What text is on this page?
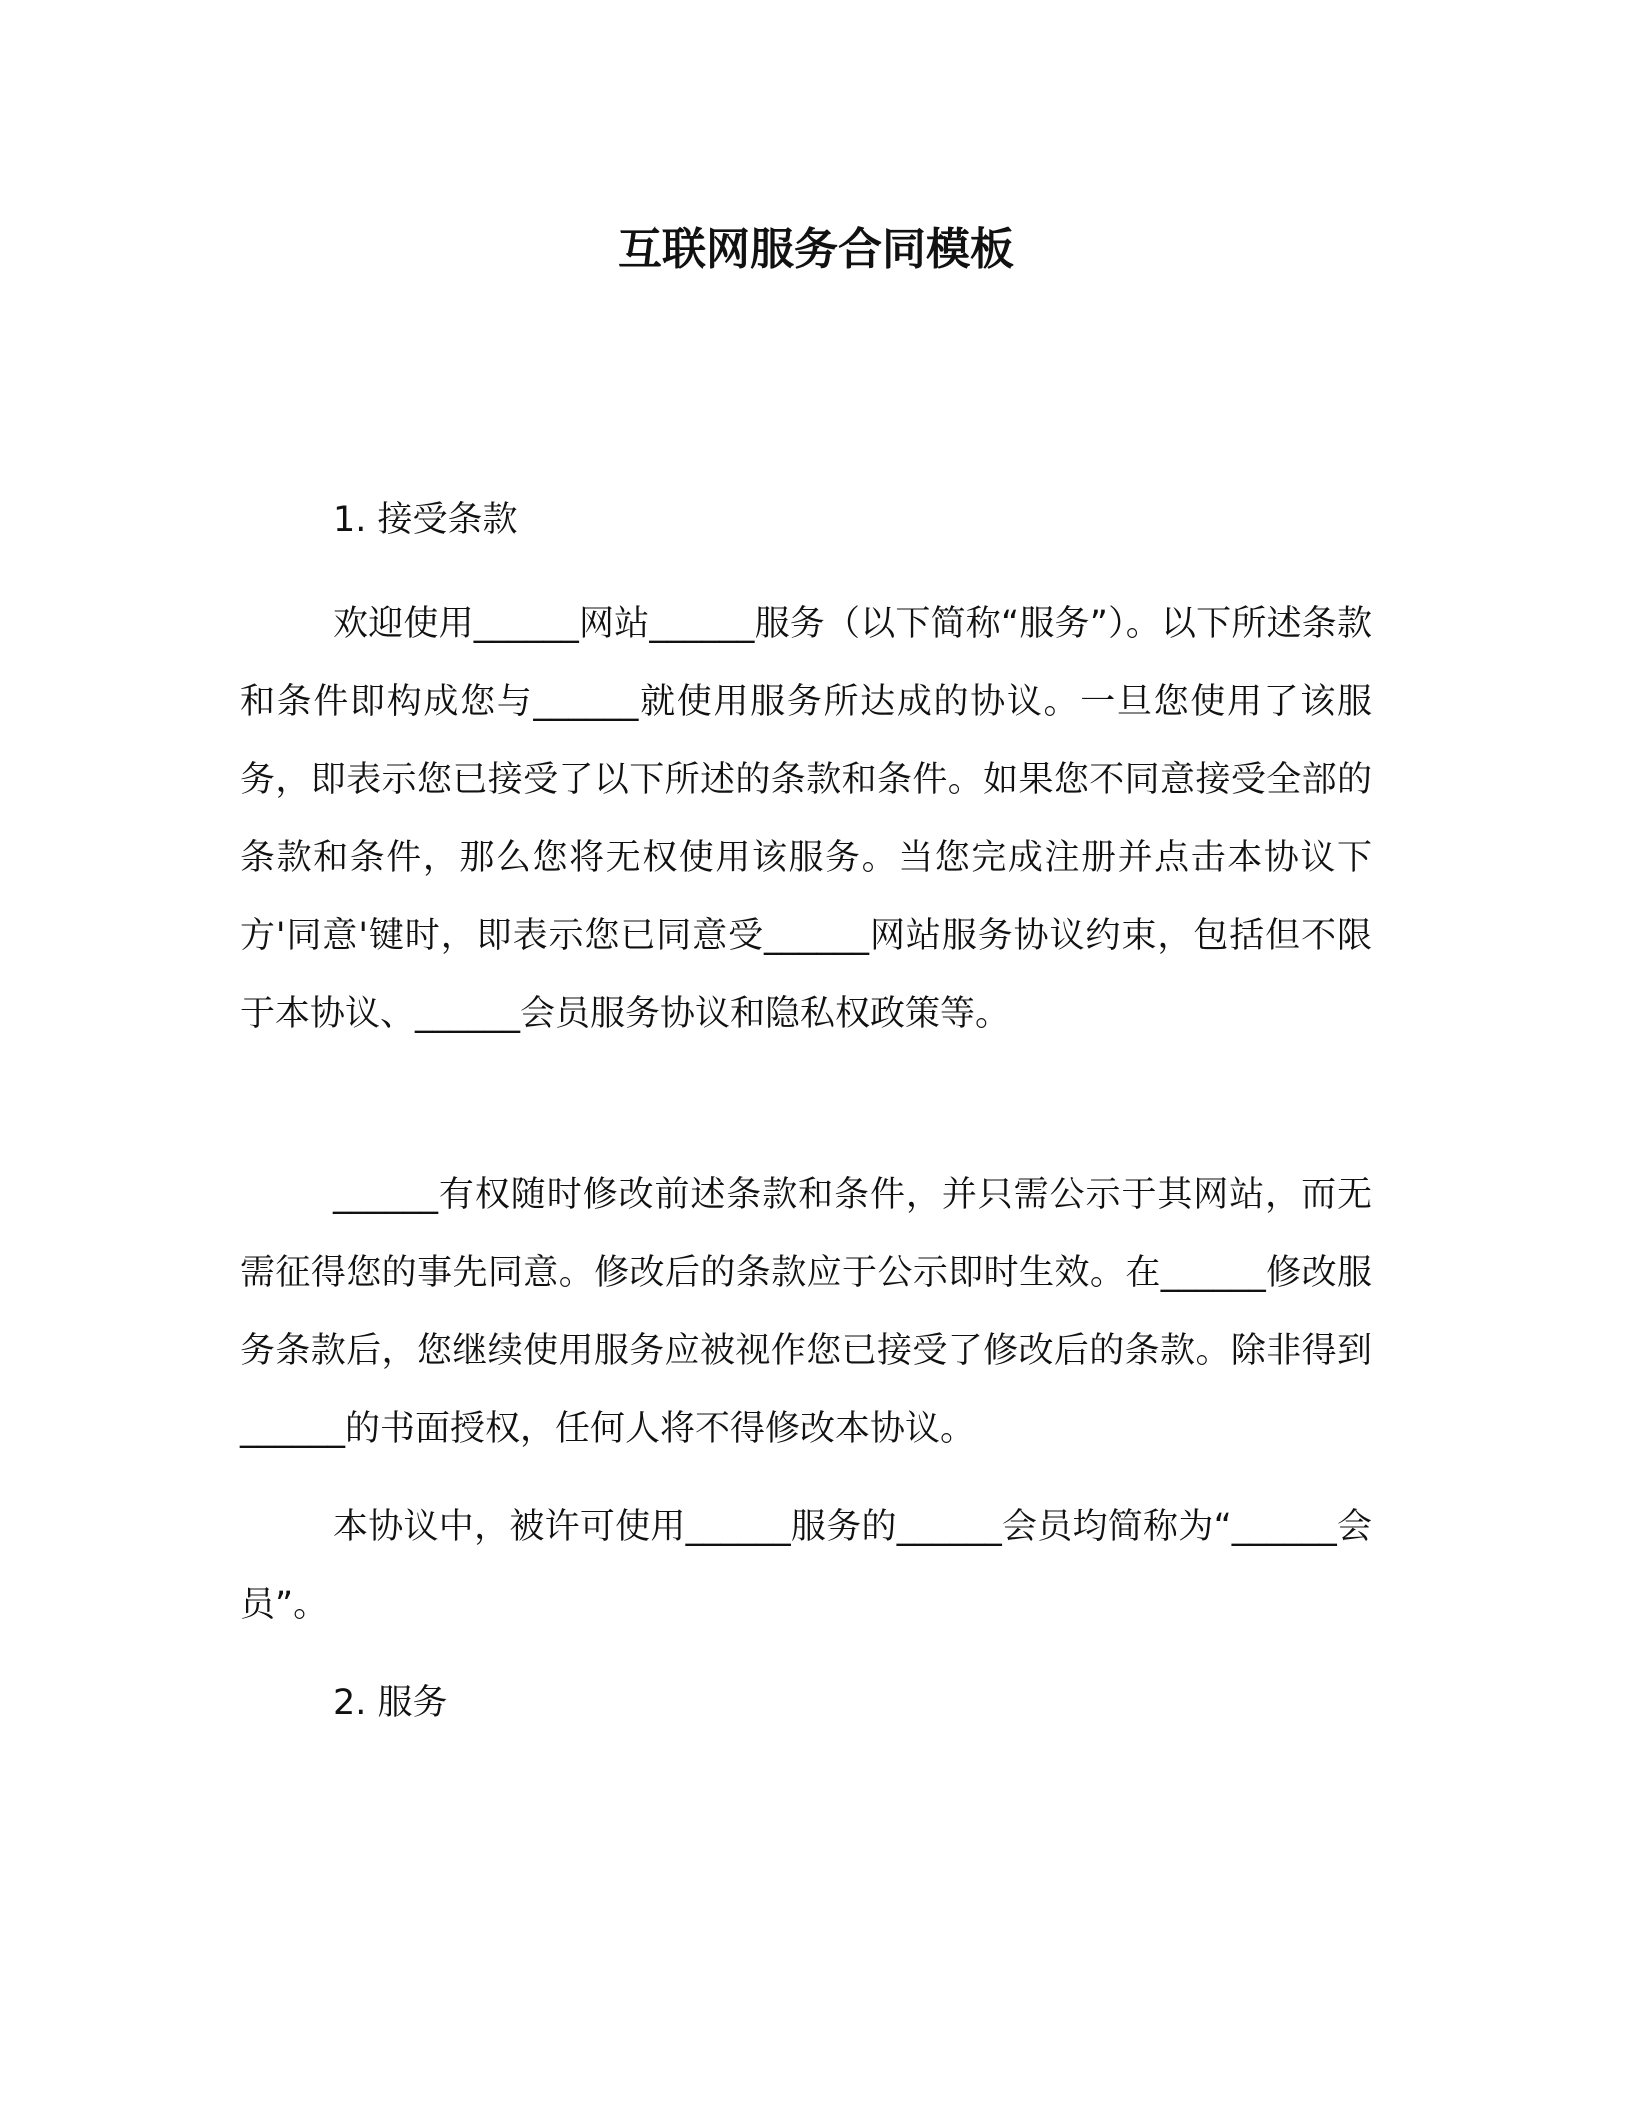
互联网服务合同模板
1. 接受条款

欢迎使用______网站______服务（以下简称“服务”）。以下所述条款和条件即构成您与______就使用服务所达成的协议。一旦您使用了该服务，即表示您已接受了以下所述的条款和条件。如果您不同意接受全部的条款和条件，那么您将无权使用该服务。当您完成注册并点击本协议下方'同意'键时，即表示您已同意受______网站服务协议约束，包括但不限于本协议、______会员服务协议和隐私权政策等。

______有权随时修改前述条款和条件，并只需公示于其网站，而无需征得您的事先同意。修改后的条款应于公示即时生效。在______修改服务条款后，您继续使用服务应被视作您已接受了修改后的条款。除非得到______的书面授权，任何人将不得修改本协议。

本协议中，被许可使用______服务的______会员均简称为“______会员”。

2. 服务
